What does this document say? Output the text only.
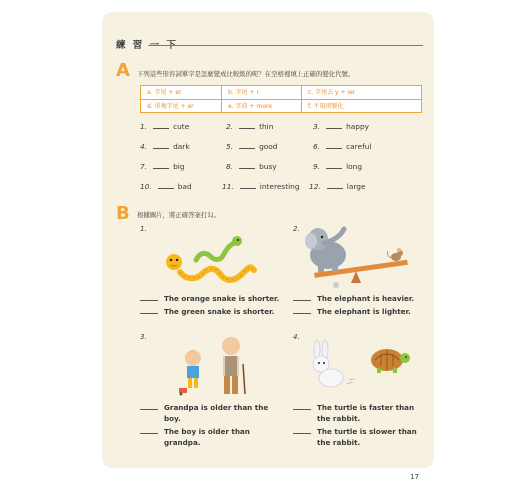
練 習 一 下
A 下列這些形容詞單字是怎麼變成比較級的呢？在空格裡填上正確的變化代號。
a. 字尾 + er	b. 字尾 + r	c. 字尾去 y + ier
d. 重複字尾 + er	e. 字前 + more	f. 不規則變化
1.	cute	2.	thin	3.	happy
4.	dark	5.	good	6.	careful
7.	big	8.	busy	9.	long
10.	bad	11.	interesting 12.	large
B 根據圖片，將正確答案打勾。
1.
The orange snake is shorter.
The green snake is shorter.
2.
The elephant is heavier.
The elephant is lighter.
3.
Grandpa is older than the
boy.
The boy is older than
grandpa.
4.
The turtle is faster than
the rabbit.
The turtle is slower than
the rabbit.
17
